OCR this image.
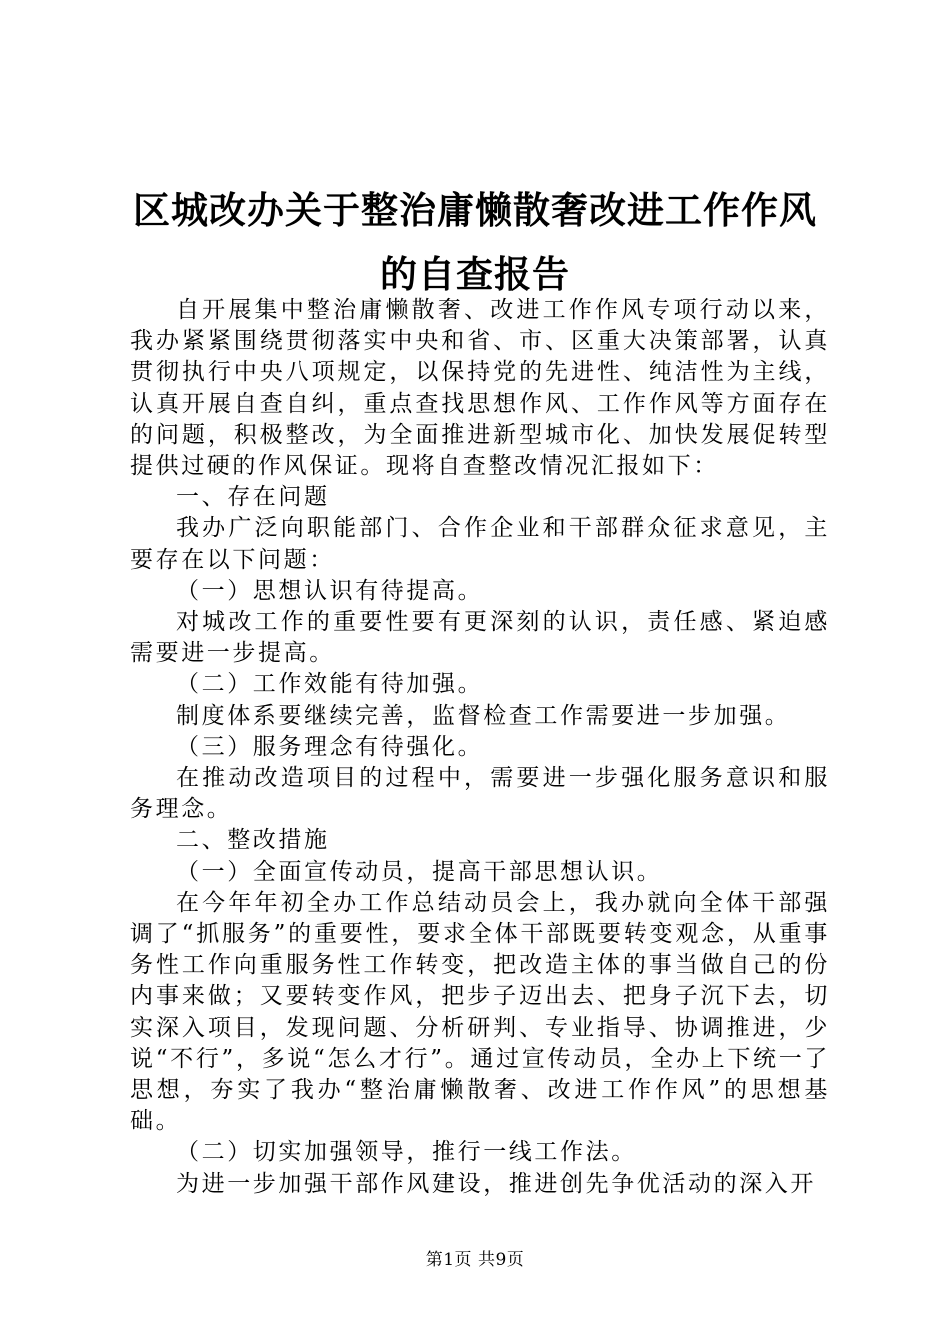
区城改办关于整治庸懒散奢改进工作作风的自查报告

自开展集中整治庸懒散奢、改进工作作风专项行动以来，我办紧紧围绕贯彻落实中央和省、市、区重大决策部署，认真贯彻执行中央八项规定，以保持党的先进性、纯洁性为主线，认真开展自查自纠，重点查找思想作风、工作作风等方面存在的问题，积极整改，为全面推进新型城市化、加快发展促转型提供过硬的作风保证。现将自查整改情况汇报如下：

一、存在问题

我办广泛向职能部门、合作企业和干部群众征求意见，主要存在以下问题：

（一）思想认识有待提高。

对城改工作的重要性要有更深刻的认识，责任感、紧迫感需要进一步提高。

（二）工作效能有待加强。

制度体系要继续完善，监督检查工作需要进一步加强。

（三）服务理念有待强化。

在推动改造项目的过程中，需要进一步强化服务意识和服务理念。

二、整改措施

（一）全面宣传动员，提高干部思想认识。

在今年年初全办工作总结动员会上，我办就向全体干部强调了“抓服务”的重要性，要求全体干部既要转变观念，从重事务性工作向重服务性工作转变，把改造主体的事当做自己的份内事来做；又要转变作风，把步子迈出去、把身子沉下去，切实深入项目，发现问题、分析研判、专业指导、协调推进，少说“不行”，多说“怎么才行”。通过宣传动员，全办上下统一了思想，夯实了我办“整治庸懒散奢、改进工作作风”的思想基础。

（二）切实加强领导，推行一线工作法。

为进一步加强干部作风建设，推进创先争优活动的深入开

第1页 共9页
